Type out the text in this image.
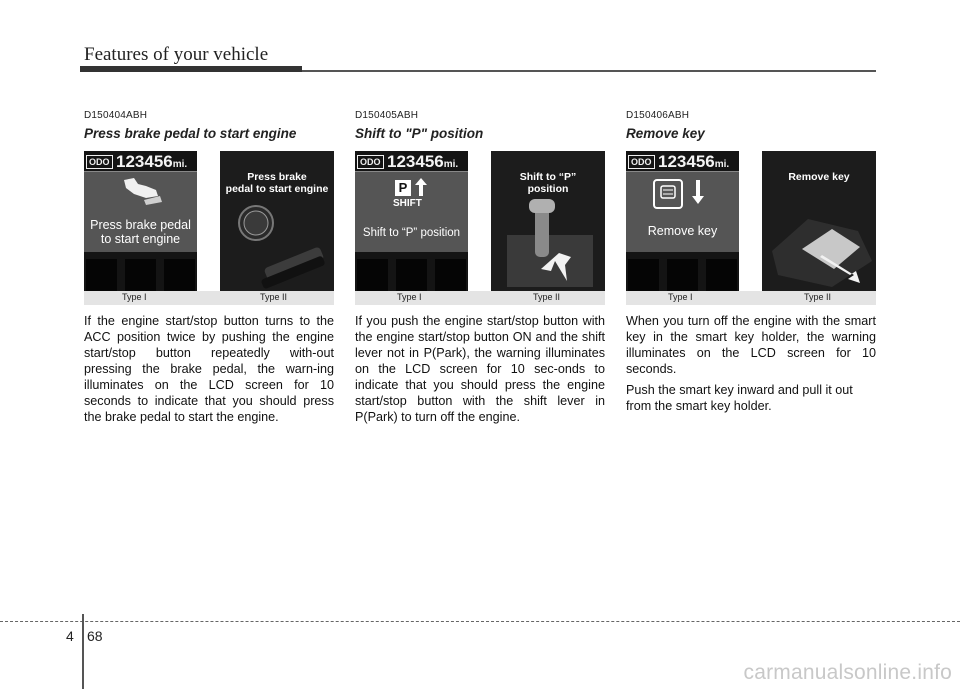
Features of your vehicle
D150404ABH
Press brake pedal to start engine
ODO 123456mi.
Press brake pedal
to start engine
Press brake
pedal to start engine
Type I	Type II

If the engine start/stop button turns to the ACC position twice by pushing the engine start/stop button repeatedly with-out pressing the brake pedal, the warn-ing illuminates on the LCD screen for 10 seconds to indicate that you should press the brake pedal to start the engine.

D150405ABH
Shift to "P" position
ODO 123456mi.
P
SHIFT
Shift to “P” position
Shift to “P”
position
Type I	Type II

If you push the engine start/stop button with the engine start/stop button ON and the shift lever not in P(Park), the warning illuminates on the LCD screen for 10 sec-onds to indicate that you should press the engine start/stop button with the shift lever in P(Park) to turn off the engine.

D150406ABH
Remove key
ODO 123456mi.
Remove key
Remove key
Type I	Type II

When you turn off the engine with the smart key in the smart key holder, the warning illuminates on the LCD screen for 10 seconds.

Push the smart key inward and pull it out from the smart key holder.

4 68
carmanualsonline.info
